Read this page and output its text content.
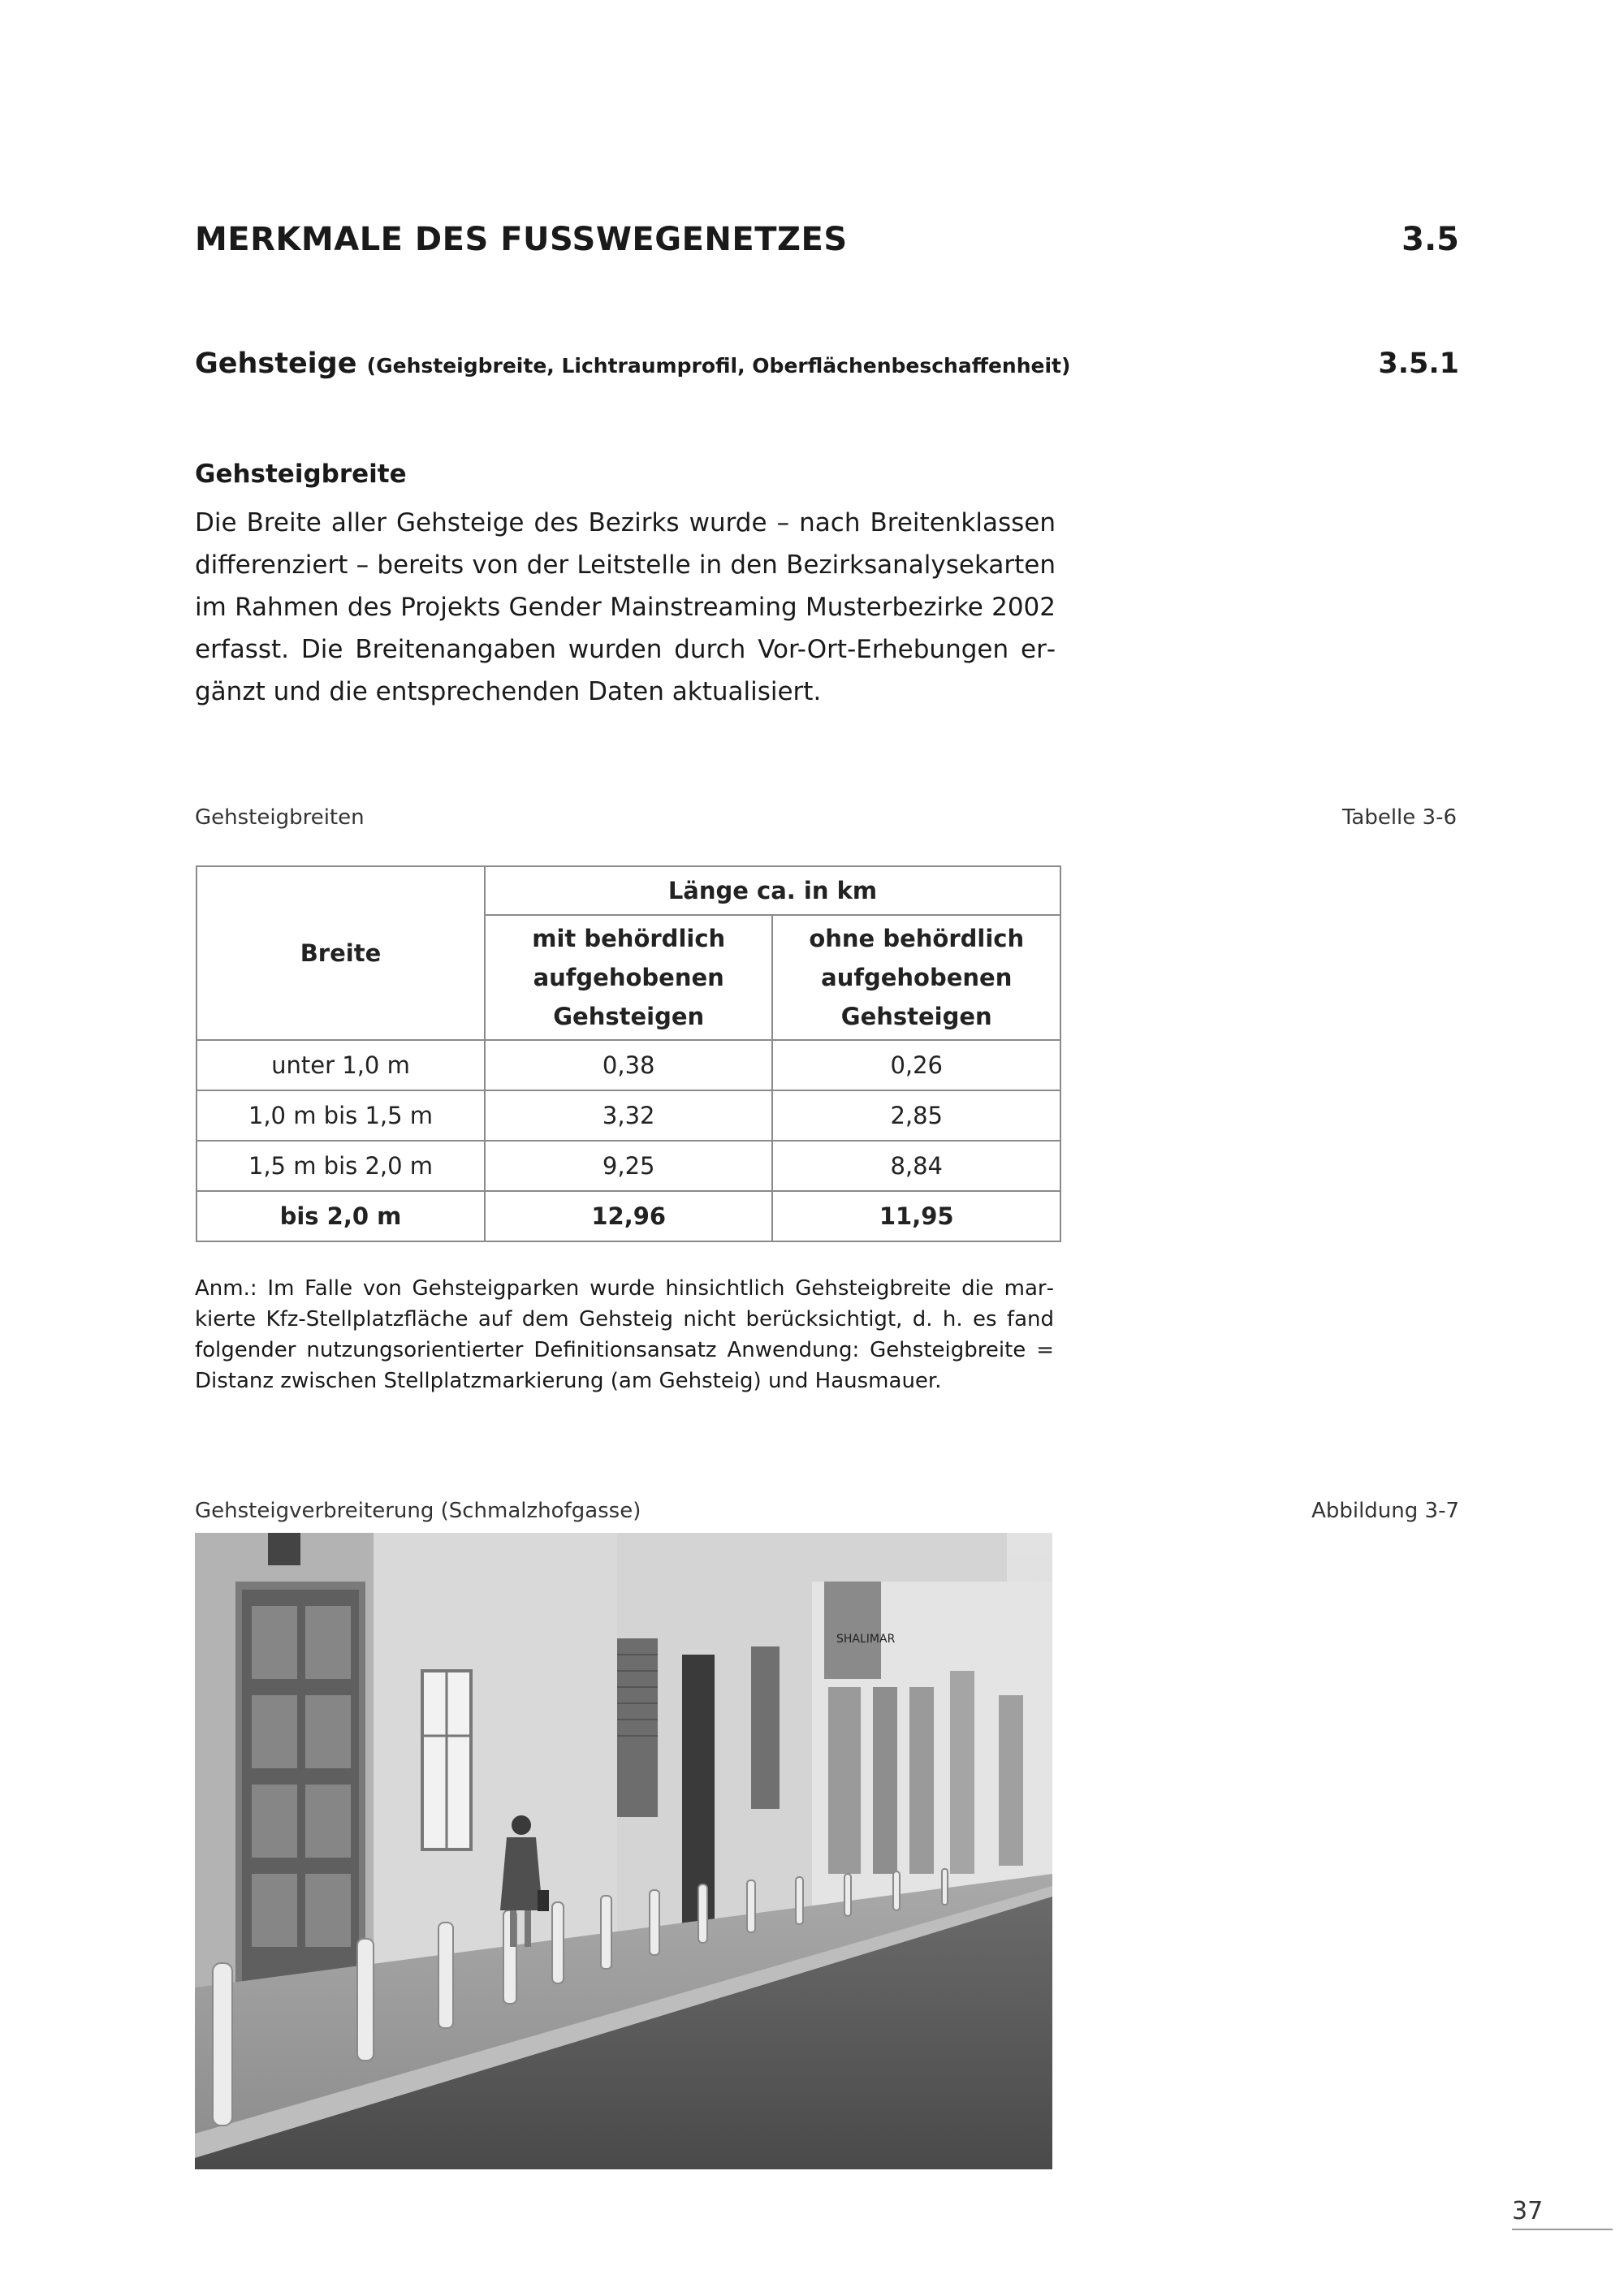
MERKMALE DES FUSSWEGENETZES	3.5
Gehsteige (Gehsteigbreite, Lichtraumprofil, Oberflächenbeschaffenheit)	3.5.1
Gehsteigbreite
Die Breite aller Gehsteige des Bezirks wurde – nach Breitenklassen differenziert – bereits von der Leitstelle in den Bezirksanalysekarten im Rahmen des Projekts Gender Mainstreaming Musterbezirke 2002 erfasst. Die Breitenangaben wurden durch Vor-Ort-Erhebungen ergänzt und die entsprechenden Daten aktualisiert.
Gehsteigbreiten	Tabelle 3-6
Breite	Länge ca. in km	
	mit behördlich aufgehobenen Gehsteigen	ohne behördlich aufgehobenen Gehsteigen
unter 1,0 m	0,38	0,26
1,0 m bis 1,5 m	3,32	2,85
1,5 m bis 2,0 m	9,25	8,84
bis 2,0 m	12,96	11,95
Anm.: Im Falle von Gehsteigparken wurde hinsichtlich Gehsteigbreite die markierte Kfz-Stellplatzfläche auf dem Gehsteig nicht berücksichtigt, d. h. es fand folgender nutzungsorientierter Definitionsansatz Anwendung: Gehsteigbreite = Distanz zwischen Stellplatzmarkierung (am Gehsteig) und Hausmauer.
Gehsteigverbreiterung (Schmalzhofgasse)	Abbildung 3-7
SHALIMAR
37
